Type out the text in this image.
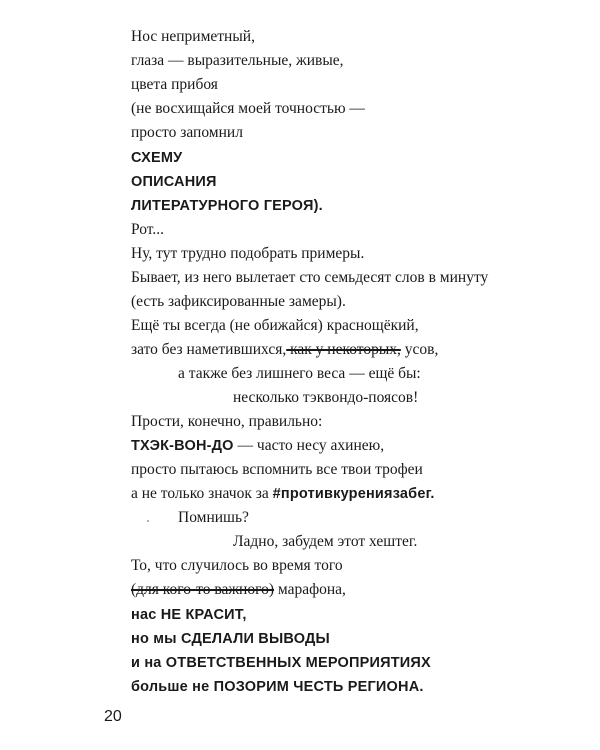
Нос неприметный,
глаза — выразительные, живые,
цвета прибоя
(не восхищайся моей точностью —
просто запомнил
СХЕМУ
ОПИСАНИЯ
ЛИТЕРАТУРНОГО ГЕРОЯ).
Рот...
Ну, тут трудно подобрать примеры.
Бывает, из него вылетает сто семьдесят слов в минуту
(есть зафиксированные замеры).
Ещё ты всегда (не обижайся) краснощёкий,
зато без наметившихся, как у некоторых, усов,
а также без лишнего веса — ещё бы:
несколько тэквондо-поясов!
Прости, конечно, правильно:
ТХЭК-ВОН-ДО — часто несу ахинею,
просто пытаюсь вспомнить все твои трофеи
а не только значок за #противкурениязабег.
Помнишь?
Ладно, забудем этот хештег.
То, что случилось во время того
(для кого-то важного) марафона,
нас НЕ КРАСИТ,
но мы СДЕЛАЛИ ВЫВОДЫ
и на ОТВЕТСТВЕННЫХ МЕРОПРИЯТИЯХ
больше не ПОЗОРИМ ЧЕСТЬ РЕГИОНА.
20
